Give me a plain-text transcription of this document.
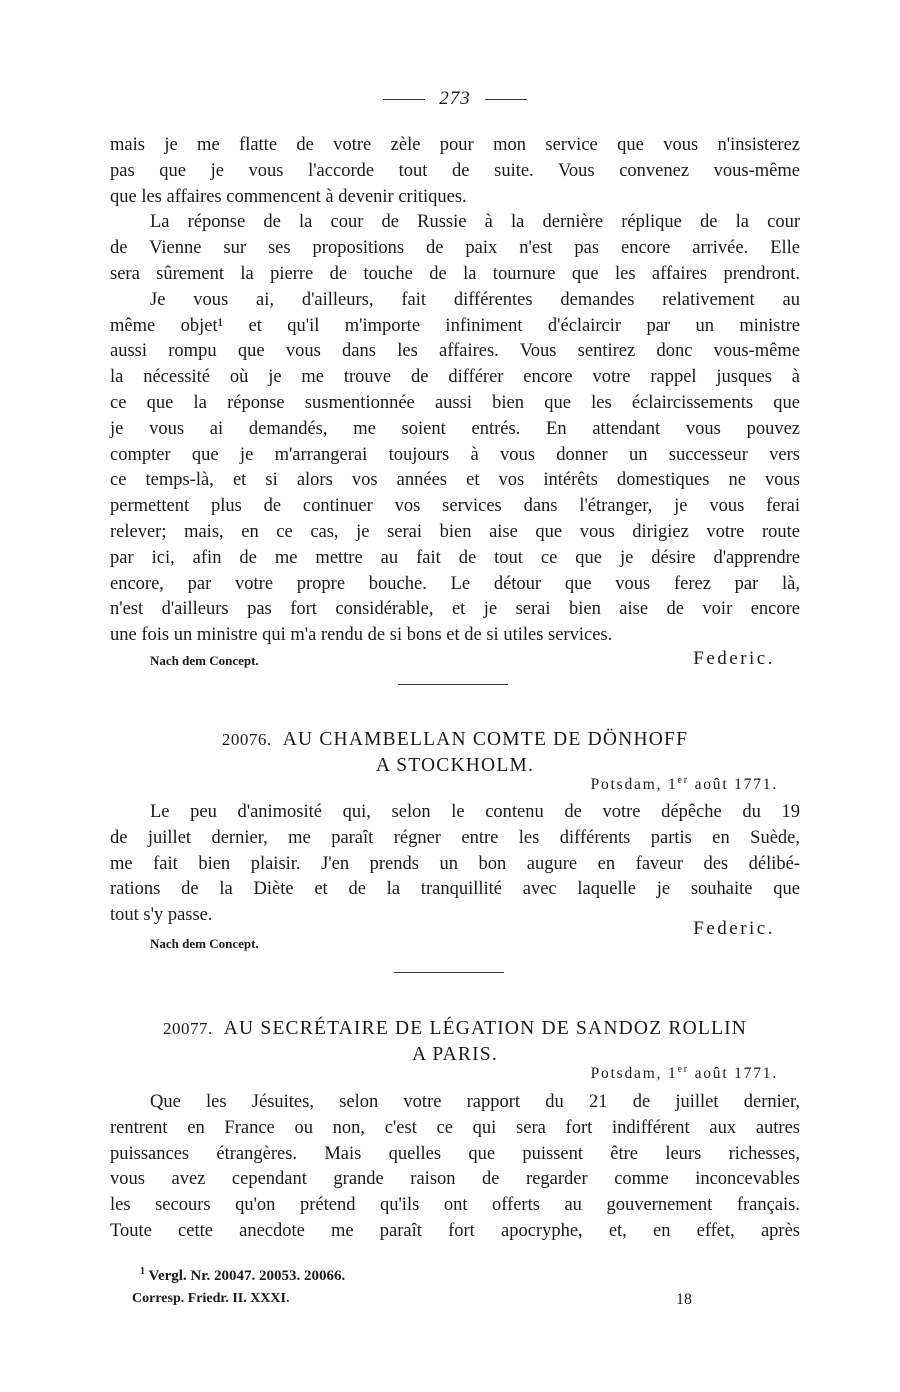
273
mais je me flatte de votre zèle pour mon service que vous n'insisterez
pas que je vous l'accorde tout de suite. Vous convenez vous-même
que les affaires commencent à devenir critiques.
La réponse de la cour de Russie à la dernière réplique de la cour
de Vienne sur ses propositions de paix n'est pas encore arrivée. Elle
sera sûrement la pierre de touche de la tournure que les affaires prendront.
Je vous ai, d'ailleurs, fait différentes demandes relativement au
même objet¹ et qu'il m'importe infiniment d'éclaircir par un ministre
aussi rompu que vous dans les affaires. Vous sentirez donc vous-même
la nécessité où je me trouve de différer encore votre rappel jusques à
ce que la réponse susmentionnée aussi bien que les éclaircissements que
je vous ai demandés, me soient entrés. En attendant vous pouvez
compter que je m'arrangerai toujours à vous donner un successeur vers
ce temps-là, et si alors vos années et vos intérêts domestiques ne vous
permettent plus de continuer vos services dans l'étranger, je vous ferai
relever; mais, en ce cas, je serai bien aise que vous dirigiez votre route
par ici, afin de me mettre au fait de tout ce que je désire d'apprendre
encore, par votre propre bouche. Le détour que vous ferez par là,
n'est d'ailleurs pas fort considérable, et je serai bien aise de voir encore
une fois un ministre qui m'a rendu de si bons et de si utiles services.
Nach dem Concept.	Federic.
20076. AU CHAMBELLAN COMTE DE DÖNHOFF
A STOCKHOLM.
Potsdam, 1er août 1771.
Le peu d'animosité qui, selon le contenu de votre dépêche du 19
de juillet dernier, me paraît régner entre les différents partis en Suède,
me fait bien plaisir. J'en prends un bon augure en faveur des délibé-
rations de la Diète et de la tranquillité avec laquelle je souhaite que
tout s'y passe.
Nach dem Concept.
Federic.
20077. AU SECRÉTAIRE DE LÉGATION DE SANDOZ ROLLIN
A PARIS.
Potsdam, 1er août 1771.
Que les Jésuites, selon votre rapport du 21 de juillet dernier,
rentrent en France ou non, c'est ce qui sera fort indifférent aux autres
puissances étrangères. Mais quelles que puissent être leurs richesses,
vous avez cependant grande raison de regarder comme inconcevables
les secours qu'on prétend qu'ils ont offerts au gouvernement français.
Toute cette anecdote me paraît fort apocryphe, et, en effet, après
$^1$ Vergl. Nr. 20047. 20053. 20066.
Corresp. Friedr. II. XXXI.	18
